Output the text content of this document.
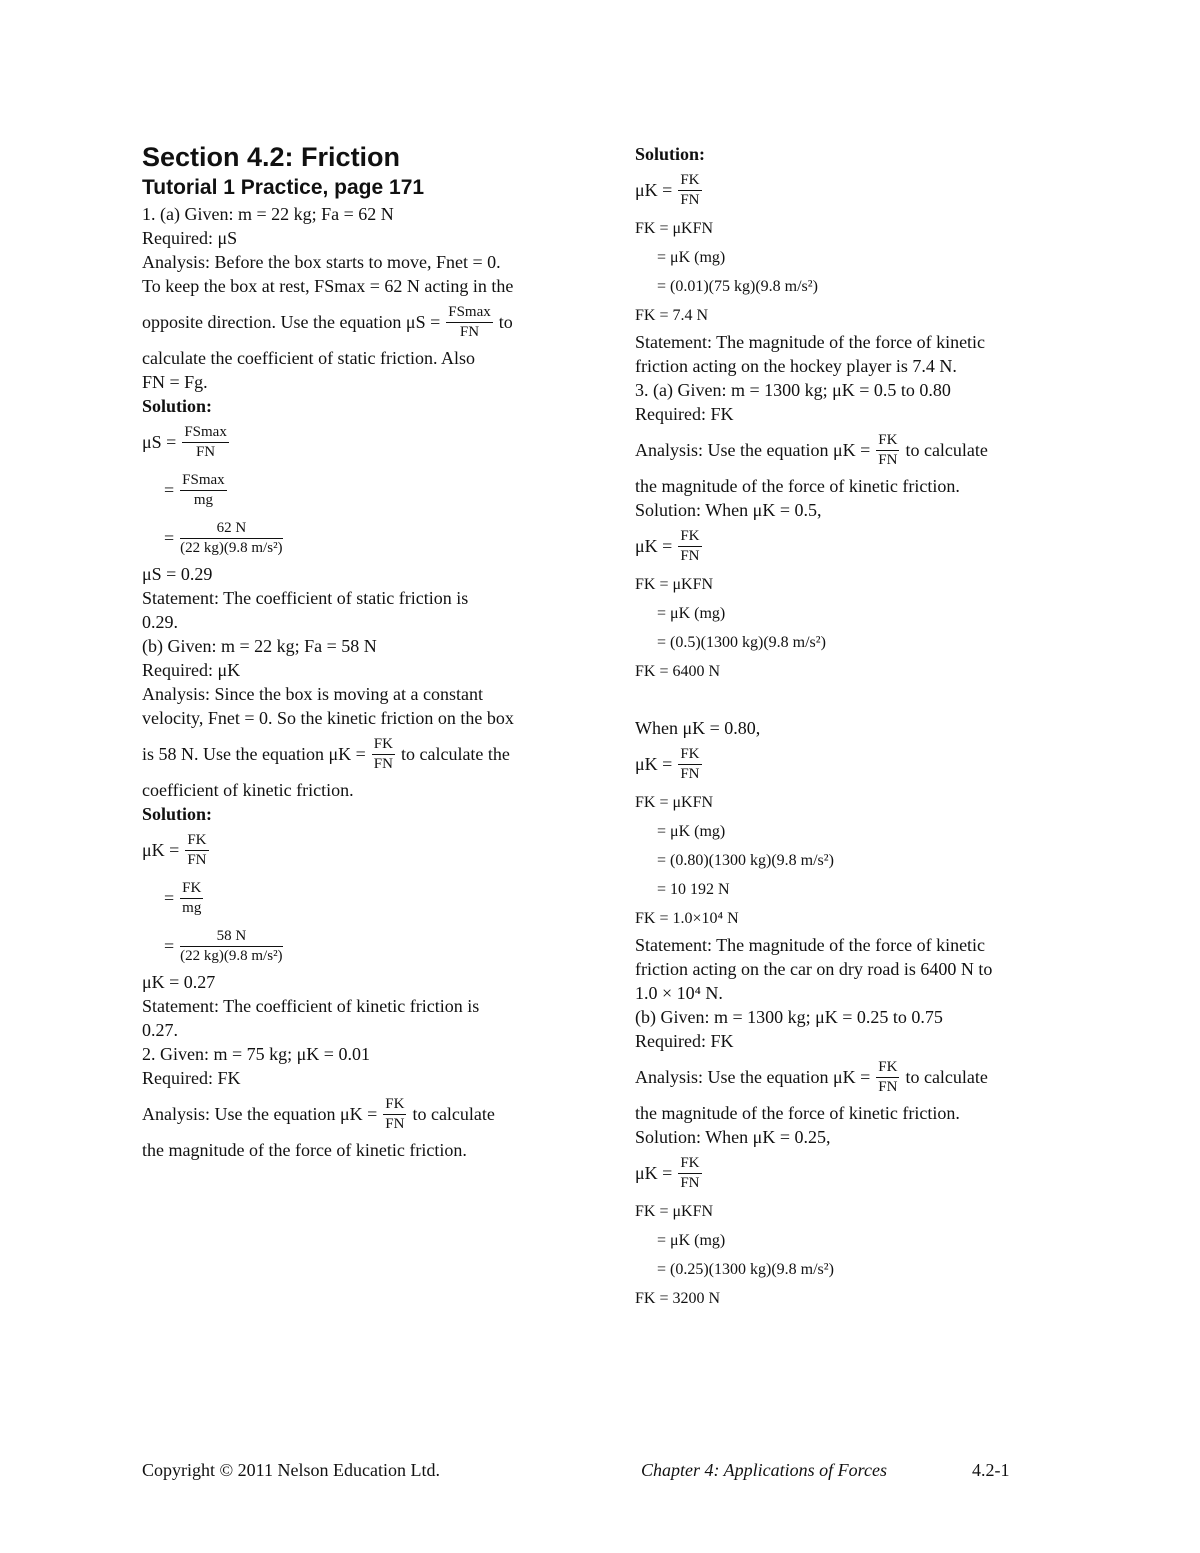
Section 4.2: Friction
Tutorial 1 Practice, page 171
1. (a) Given: m = 22 kg; Fa = 62 N
Required: μS
Analysis: Before the box starts to move, Fnet = 0.
To keep the box at rest, FSmax = 62 N acting in the
opposite direction. Use the equation $\mu S = \frac{FSmax}{FN}$ to
calculate the coefficient of static friction. Also
FN = Fg.
Solution:
$\mu S = \frac{FSmax}{FN}$
= $\frac{FSmax}{mg}$
= $\frac{62 N}{\text{(22 kg)(9.8 m/s²)}}$
μS = 0.29
Statement: The coefficient of static friction is
0.29.
(b) Given: m = 22 kg; Fa = 58 N
Required: μK
Analysis: Since the box is moving at a constant
velocity, Fnet = 0. So the kinetic friction on the box
is 58 N. Use the equation $\mu K = \frac{FK}{FN}$ to calculate the
coefficient of kinetic friction.
Solution:
$\mu K = \frac{FK}{FN}$
= $\frac{FK}{mg}$
= $\frac{58 N}{\text{(22 kg)(9.8 m/s²)}}$
μK = 0.27
Statement: The coefficient of kinetic friction is
0.27.
2. Given: m = 75 kg; μK = 0.01
Required: FK
Analysis: Use the equation $\mu K = \frac{FK}{FN}$ to calculate
the magnitude of the force of kinetic friction.
Solution:
$\mu K = \frac{FK}{FN}$
FK = μKFN
= μK (mg)
= (0.01)(75 kg)(9.8 m/s²)
FK = 7.4 N
Statement: The magnitude of the force of kinetic
friction acting on the hockey player is 7.4 N.
3. (a) Given: m = 1300 kg; μK = 0.5 to 0.80
Required: FK
Analysis: Use the equation $\mu K = \frac{FK}{FN}$ to calculate
the magnitude of the force of kinetic friction.
Solution: When μK = 0.5,
$\mu K = \frac{FK}{FN}$
FK = μKFN
= μK (mg)
= (0.5)(1300 kg)(9.8 m/s²)
FK = 6400 N
When μK = 0.80,
$\mu K = \frac{FK}{FN}$
FK = μKFN
= μK (mg)
= (0.80)(1300 kg)(9.8 m/s²)
= 10 192 N
FK = 1.0×10⁴ N
Statement: The magnitude of the force of kinetic
friction acting on the car on dry road is 6400 N to
1.0 × 10⁴ N.
(b) Given: m = 1300 kg; μK = 0.25 to 0.75
Required: FK
Analysis: Use the equation $\mu K = \frac{FK}{FN}$ to calculate
the magnitude of the force of kinetic friction.
Solution: When μK = 0.25,
$\mu K = \frac{FK}{FN}$
FK = μKFN
= μK (mg)
= (0.25)(1300 kg)(9.8 m/s²)
FK = 3200 N
Copyright © 2011 Nelson Education Ltd.	Chapter 4: Applications of Forces	4.2-1
